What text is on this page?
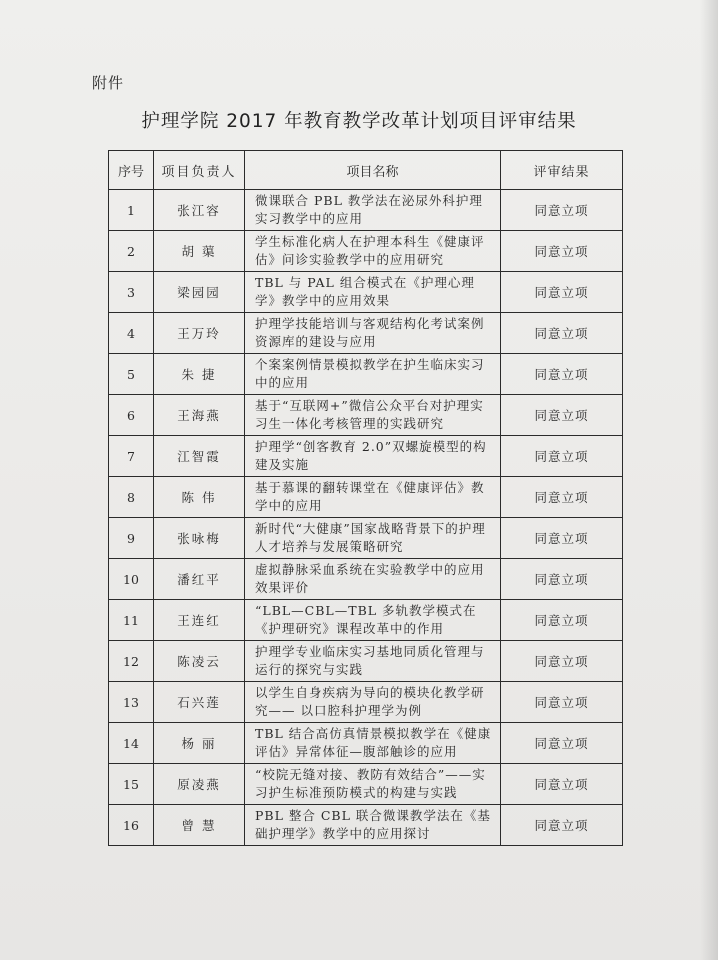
附件
护理学院 2017 年教育教学改革计划项目评审结果
序号	项目负责人	项目名称	评审结果
1	张江容	微课联合 PBL 教学法在泌尿外科护理实习教学中的应用	同意立项
2	胡 蕖	学生标准化病人在护理本科生《健康评估》问诊实验教学中的应用研究	同意立项
3	梁园园	TBL 与 PAL 组合模式在《护理心理学》教学中的应用效果	同意立项
4	王万玲	护理学技能培训与客观结构化考试案例资源库的建设与应用	同意立项
5	朱 捷	个案案例情景模拟教学在护生临床实习中的应用	同意立项
6	王海燕	基于“互联网+”微信公众平台对护理实习生一体化考核管理的实践研究	同意立项
7	江智霞	护理学“创客教育 2.0”双螺旋模型的构建及实施	同意立项
8	陈 伟	基于慕课的翻转课堂在《健康评估》教学中的应用	同意立项
9	张咏梅	新时代“大健康”国家战略背景下的护理人才培养与发展策略研究	同意立项
10	潘红平	虚拟静脉采血系统在实验教学中的应用效果评价	同意立项
11	王连红	“LBL—CBL—TBL 多轨教学模式在《护理研究》课程改革中的作用	同意立项
12	陈凌云	护理学专业临床实习基地同质化管理与运行的探究与实践	同意立项
13	石兴莲	以学生自身疾病为导向的模块化教学研究—— 以口腔科护理学为例	同意立项
14	杨 丽	TBL 结合高仿真情景模拟教学在《健康评估》异常体征—腹部触诊的应用	同意立项
15	原凌燕	“校院无缝对接、教防有效结合”——实习护生标准预防模式的构建与实践	同意立项
16	曾 慧	PBL 整合 CBL 联合微课教学法在《基础护理学》教学中的应用探讨	同意立项
